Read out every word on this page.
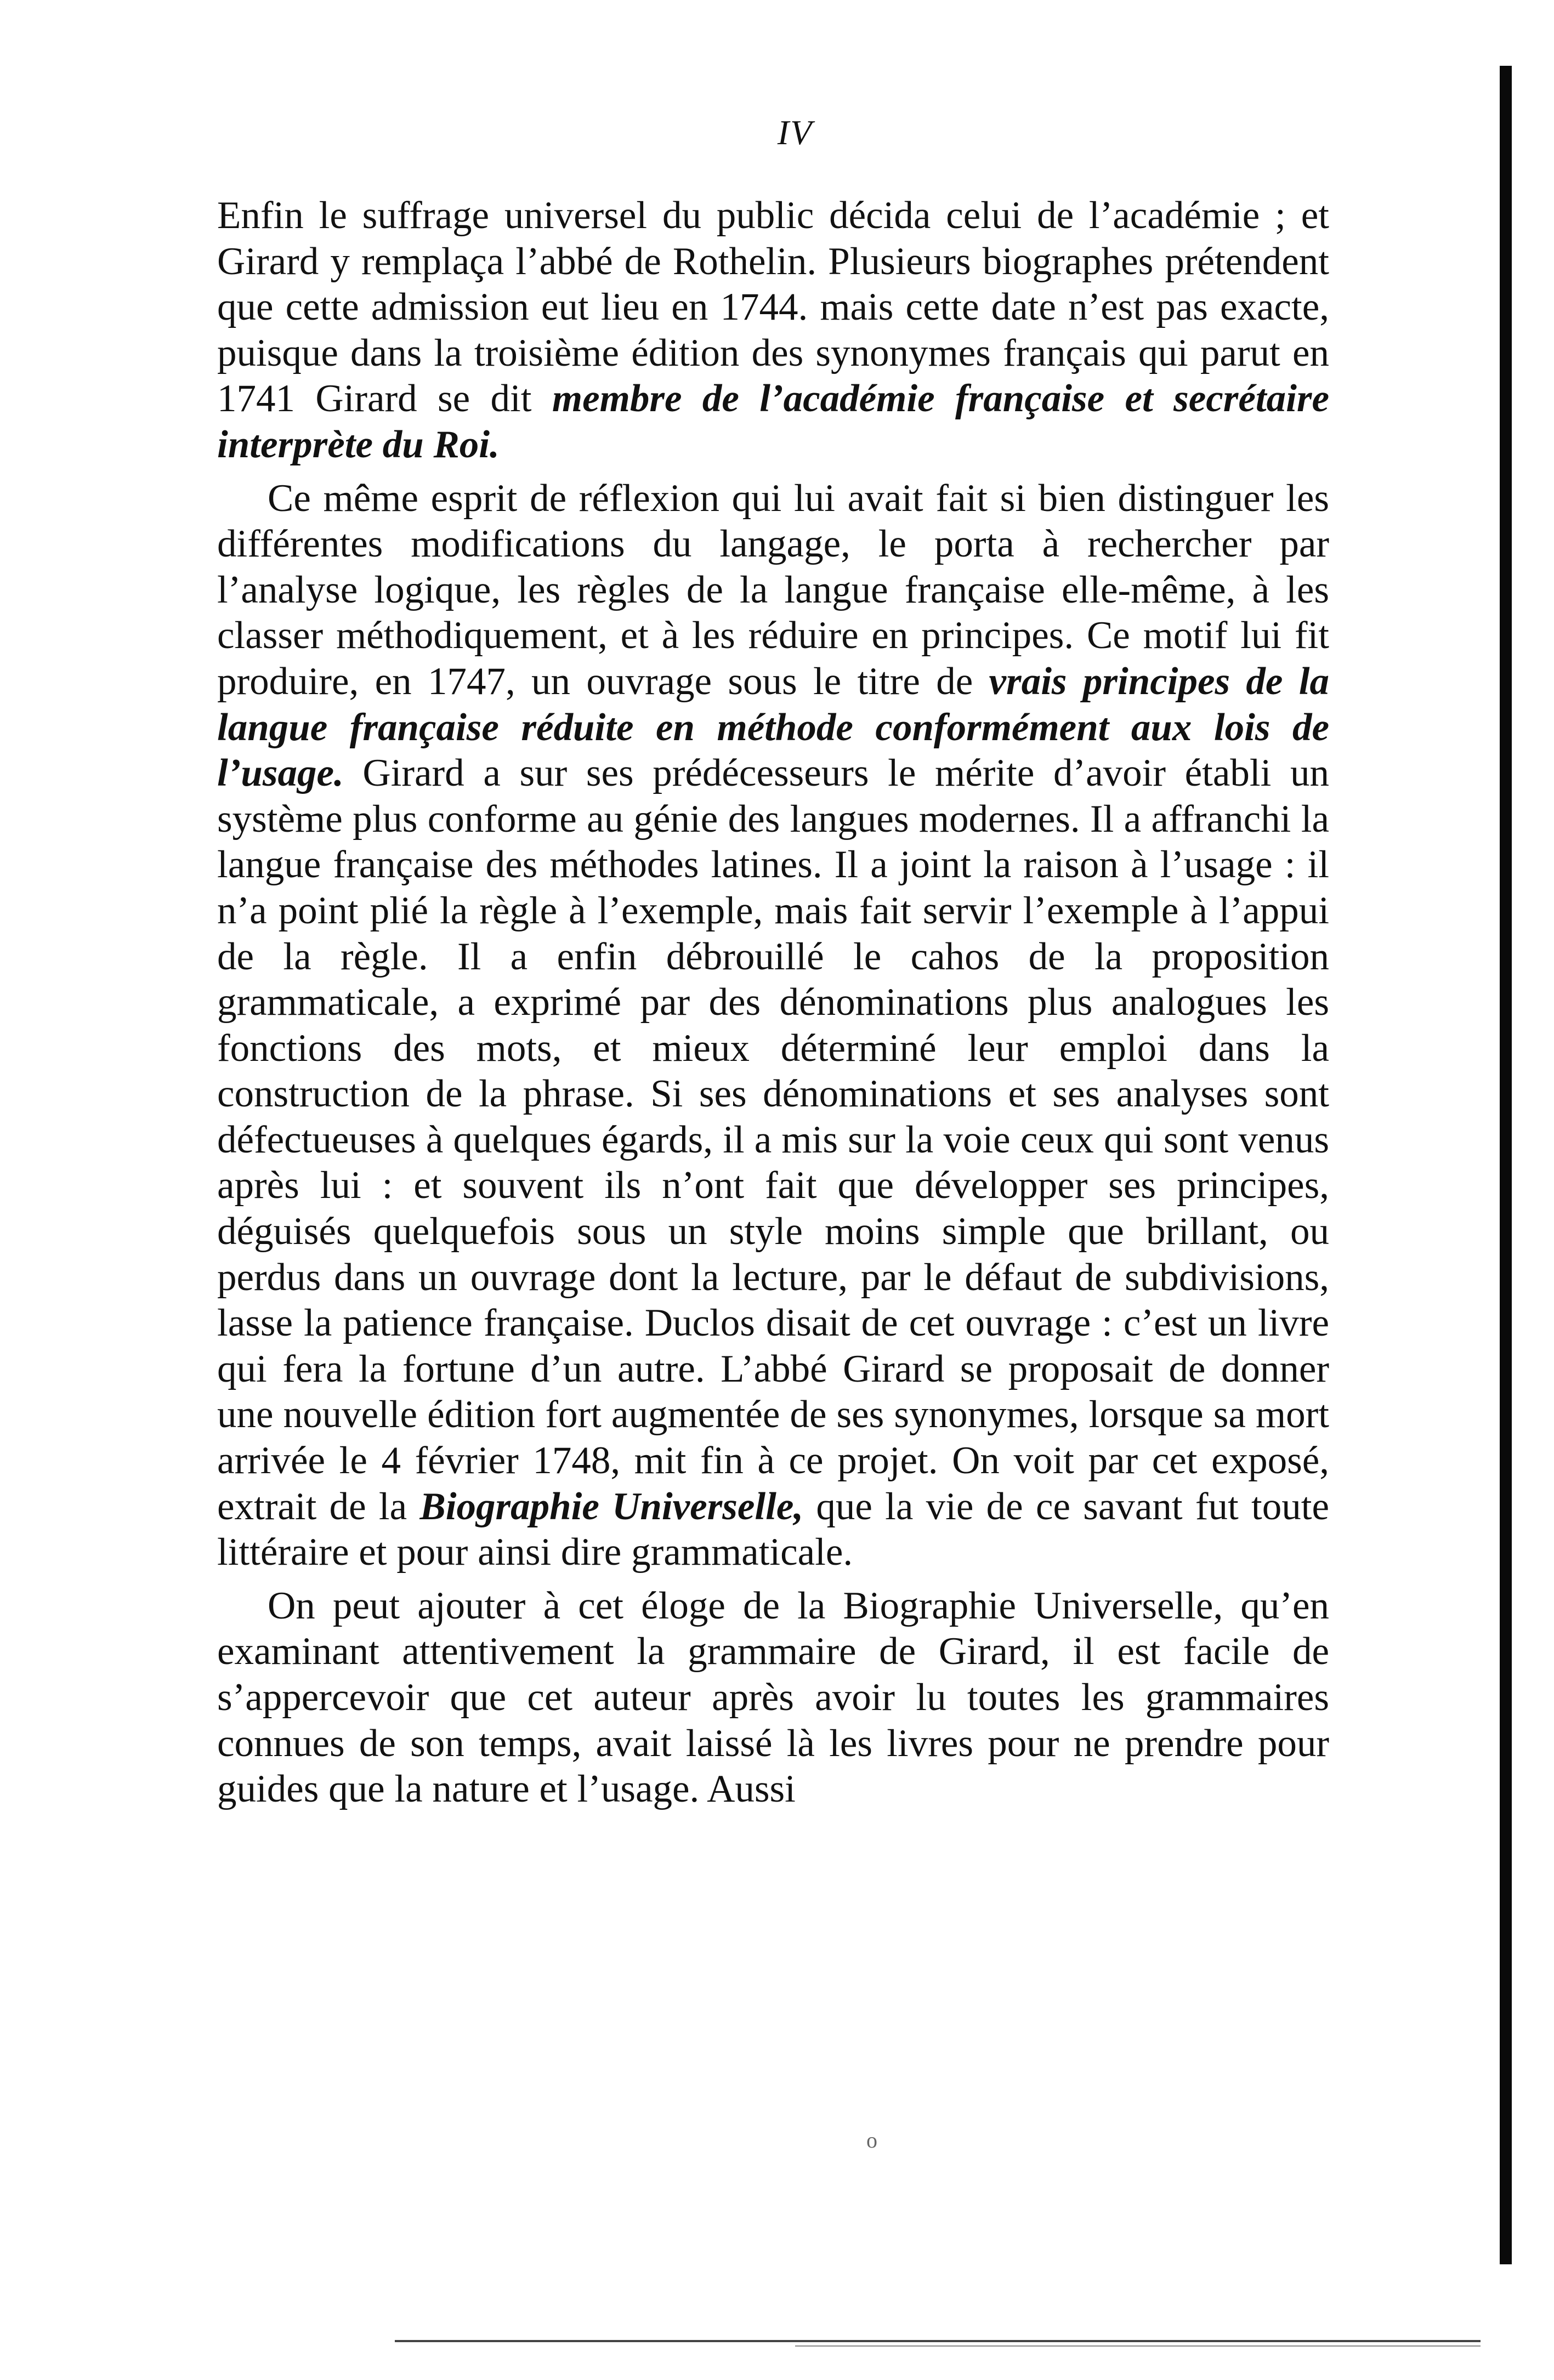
IV

Enfin le suffrage universel du public décida celui de l’académie ; et Girard y remplaça l’abbé de Rothelin. Plusieurs biographes prétendent que cette admission eut lieu en 1744. mais cette date n’est pas exacte, puisque dans la troisième édition des synonymes français qui parut en 1741 Girard se dit membre de l’académie française et secrétaire interprète du Roi.

Ce même esprit de réflexion qui lui avait fait si bien distinguer les différentes modifications du langage, le porta à rechercher par l’analyse logique, les règles de la langue française elle-même, à les classer méthodiquement, et à les réduire en principes. Ce motif lui fit produire, en 1747, un ouvrage sous le titre de vrais principes de la langue française réduite en méthode conformément aux lois de l’usage. Girard a sur ses prédécesseurs le mérite d’avoir établi un système plus conforme au génie des langues modernes. Il a affranchi la langue française des méthodes latines. Il a joint la raison à l’usage : il n’a point plié la règle à l’exemple, mais fait servir l’exemple à l’appui de la règle. Il a enfin débrouillé le cahos de la proposition grammaticale, a exprimé par des dénominations plus analogues les fonctions des mots, et mieux déterminé leur emploi dans la construction de la phrase. Si ses dénominations et ses analyses sont défectueuses à quelques égards, il a mis sur la voie ceux qui sont venus après lui : et souvent ils n’ont fait que développer ses principes, déguisés quelquefois sous un style moins simple que brillant, ou perdus dans un ouvrage dont la lecture, par le défaut de subdivisions, lasse la patience française. Duclos disait de cet ouvrage : c’est un livre qui fera la fortune d’un autre. L’abbé Girard se proposait de donner une nouvelle édition fort augmentée de ses synonymes, lorsque sa mort arrivée le 4 février 1748, mit fin à ce projet. On voit par cet exposé, extrait de la Biographie Universelle, que la vie de ce savant fut toute littéraire et pour ainsi dire grammaticale.

On peut ajouter à cet éloge de la Biographie Universelle, qu’en examinant attentivement la grammaire de Girard, il est facile de s’appercevoir que cet auteur après avoir lu toutes les grammaires connues de son temps, avait laissé là les livres pour ne prendre pour guides que la nature et l’usage. Aussi

o
